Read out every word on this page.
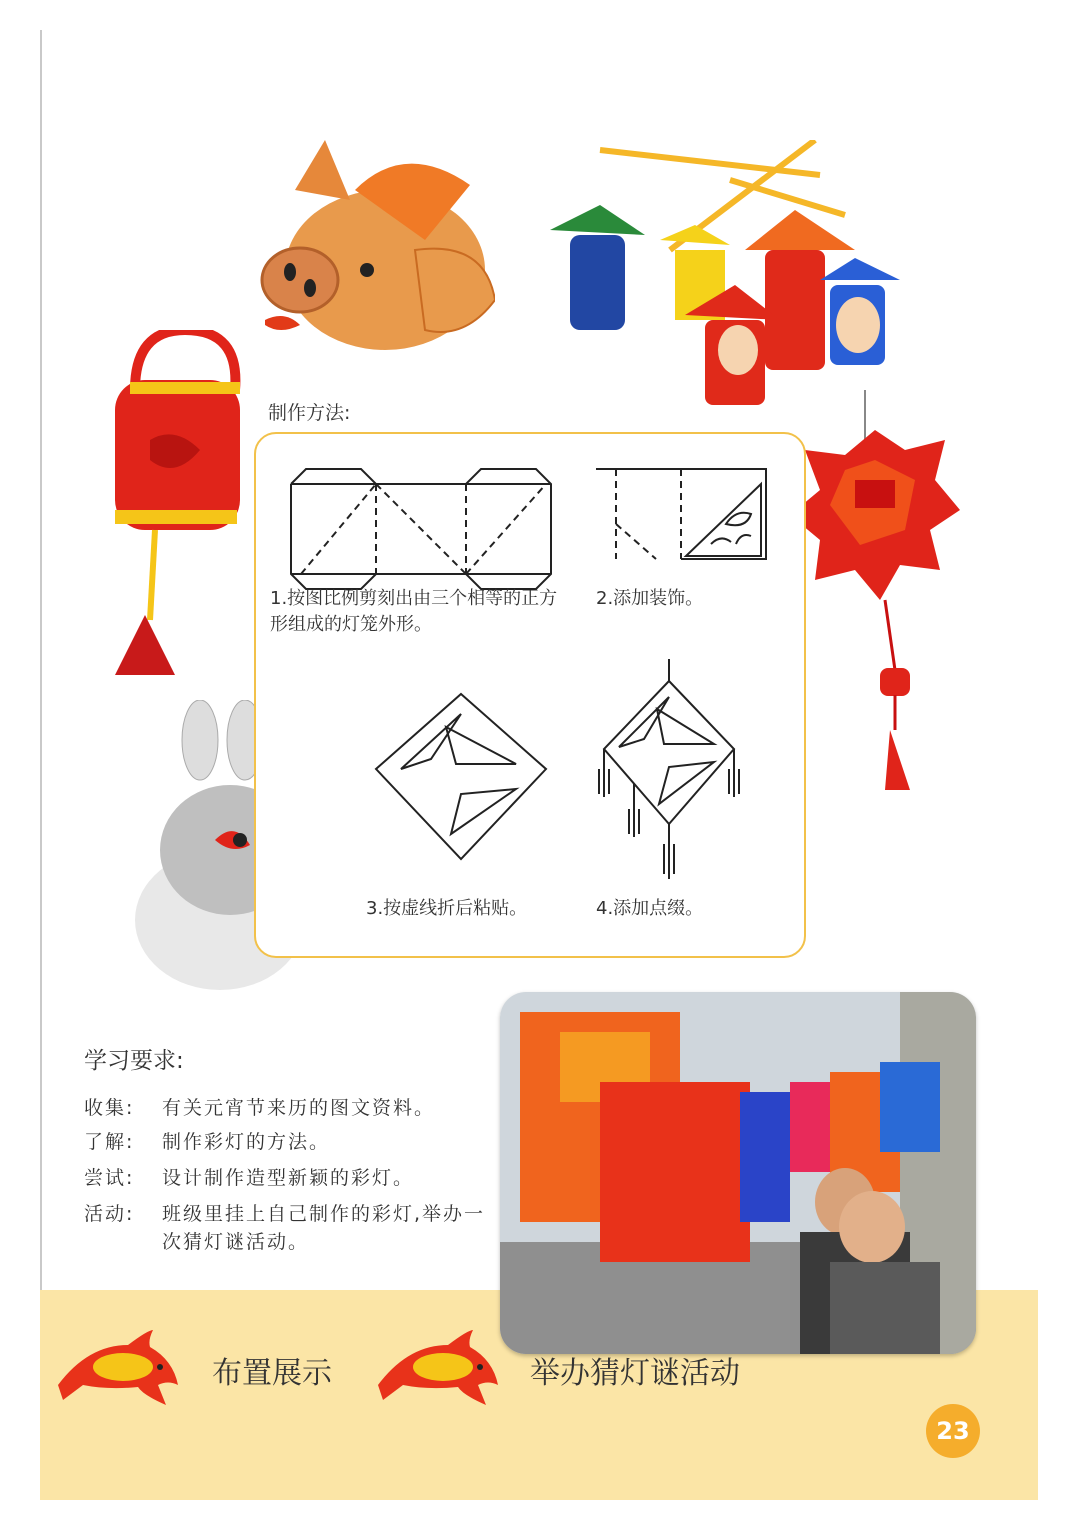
制作方法:
1.按图比例剪刻出由三个相等的正方形组成的灯笼外形。
2.添加装饰。
3.按虚线折后粘贴。	4.添加点缀。
学习要求:
收集:	有关元宵节来历的图文资料。
了解:	制作彩灯的方法。
尝试:	设计制作造型新颖的彩灯。
活动:	班级里挂上自己制作的彩灯,举办一次猜灯谜活动。
布置展示	举办猜灯谜活动
23
